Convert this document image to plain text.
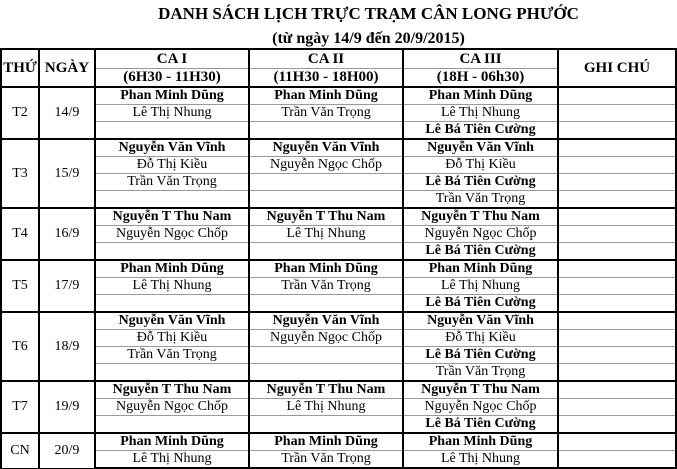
DANH SÁCH LỊCH TRỰC TRẠM CÂN LONG PHƯỚC
(từ ngày 14/9 đến 20/9/2015)
THỨ	NGÀY	CA I	CA II	CA III	GHI CHÚ
		(6H30 - 11H30)	(11H30 - 18H00)	(18H - 06h30)	
T2	14/9	Phan Minh Dũng	Phan Minh Dũng	Phan Minh Dũng	
		Lê Thị Nhung	Trần Văn Trọng	Lê Thị Nhung	
				Lê Bá Tiên Cường	
T3	15/9	Nguyễn Văn Vĩnh	Nguyễn Văn Vĩnh	Nguyễn Văn Vĩnh	
		Đỗ Thị Kiều	Nguyễn Ngọc Chốp	Đỗ Thị Kiều	
		Trần Văn Trọng		Lê Bá Tiên Cường	
				Trần Văn Trọng	
T4	16/9	Nguyễn T Thu Nam	Nguyễn T Thu Nam	Nguyễn T Thu Nam	
		Nguyễn Ngọc Chốp	Lê Thị Nhung	Nguyễn Ngọc Chốp	
				Lê Bá Tiên Cường	
T5	17/9	Phan Minh Dũng	Phan Minh Dũng	Phan Minh Dũng	
		Lê Thị Nhung	Trần Văn Trọng	Lê Thị Nhung	
				Lê Bá Tiên Cường	
T6	18/9	Nguyễn Văn Vĩnh	Nguyễn Văn Vĩnh	Nguyễn Văn Vĩnh	
		Đỗ Thị Kiều	Nguyễn Ngọc Chốp	Đỗ Thị Kiều	
		Trần Văn Trọng		Lê Bá Tiên Cường	
				Trần Văn Trọng	
T7	19/9	Nguyễn T Thu Nam	Nguyễn T Thu Nam	Nguyễn T Thu Nam	
		Nguyễn Ngọc Chốp	Lê Thị Nhung	Nguyễn Ngọc Chốp	
				Lê Bá Tiên Cường	
CN	20/9	Phan Minh Dũng	Phan Minh Dũng	Phan Minh Dũng	
		Lê Thị Nhung	Trần Văn Trọng	Lê Thị Nhung	
